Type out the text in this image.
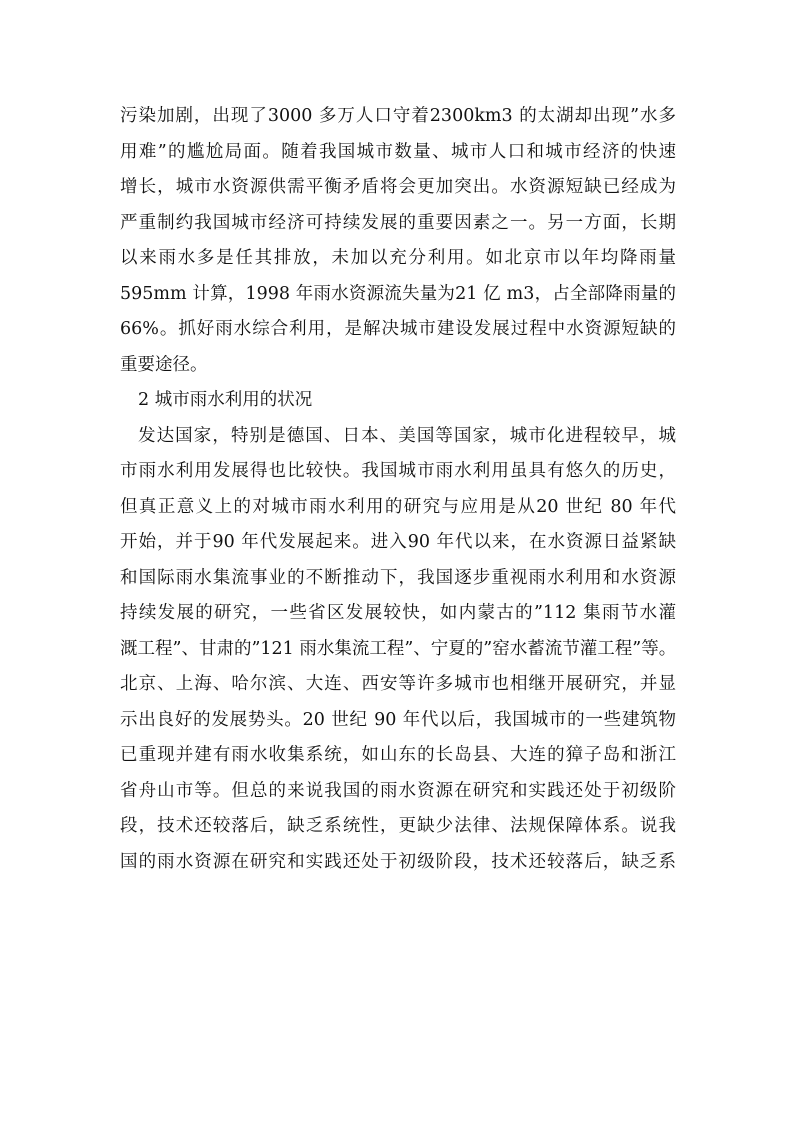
污染加剧，出现了3000 多万人口守着2300km3 的太湖却出现”水多
用难”的尴尬局面。随着我国城市数量、城市人口和城市经济的快速
增长，城市水资源供需平衡矛盾将会更加突出。水资源短缺已经成为
严重制约我国城市经济可持续发展的重要因素之一。另一方面，长期
以来雨水多是任其排放，未加以充分利用。如北京市以年均降雨量
595mm 计算，1998 年雨水资源流失量为21 亿 m3，占全部降雨量的
66%。抓好雨水综合利用，是解决城市建设发展过程中水资源短缺的
重要途径。
2 城市雨水利用的状况
发达国家，特别是德国、日本、美国等国家，城市化进程较早，城
市雨水利用发展得也比较快。我国城市雨水利用虽具有悠久的历史，
但真正意义上的对城市雨水利用的研究与应用是从20 世纪 80 年代
开始，并于90 年代发展起来。进入90 年代以来，在水资源日益紧缺
和国际雨水集流事业的不断推动下，我国逐步重视雨水利用和水资源
持续发展的研究，一些省区发展较快，如内蒙古的”112 集雨节水灌
溉工程”、甘肃的”121 雨水集流工程”、宁夏的”窑水蓄流节灌工程”等。
北京、上海、哈尔滨、大连、西安等许多城市也相继开展研究，并显
示出良好的发展势头。20 世纪 90 年代以后，我国城市的一些建筑物
已重现并建有雨水收集系统，如山东的长岛县、大连的獐子岛和浙江
省舟山市等。但总的来说我国的雨水资源在研究和实践还处于初级阶
段，技术还较落后，缺乏系统性，更缺少法律、法规保障体系。说我
国的雨水资源在研究和实践还处于初级阶段，技术还较落后，缺乏系
